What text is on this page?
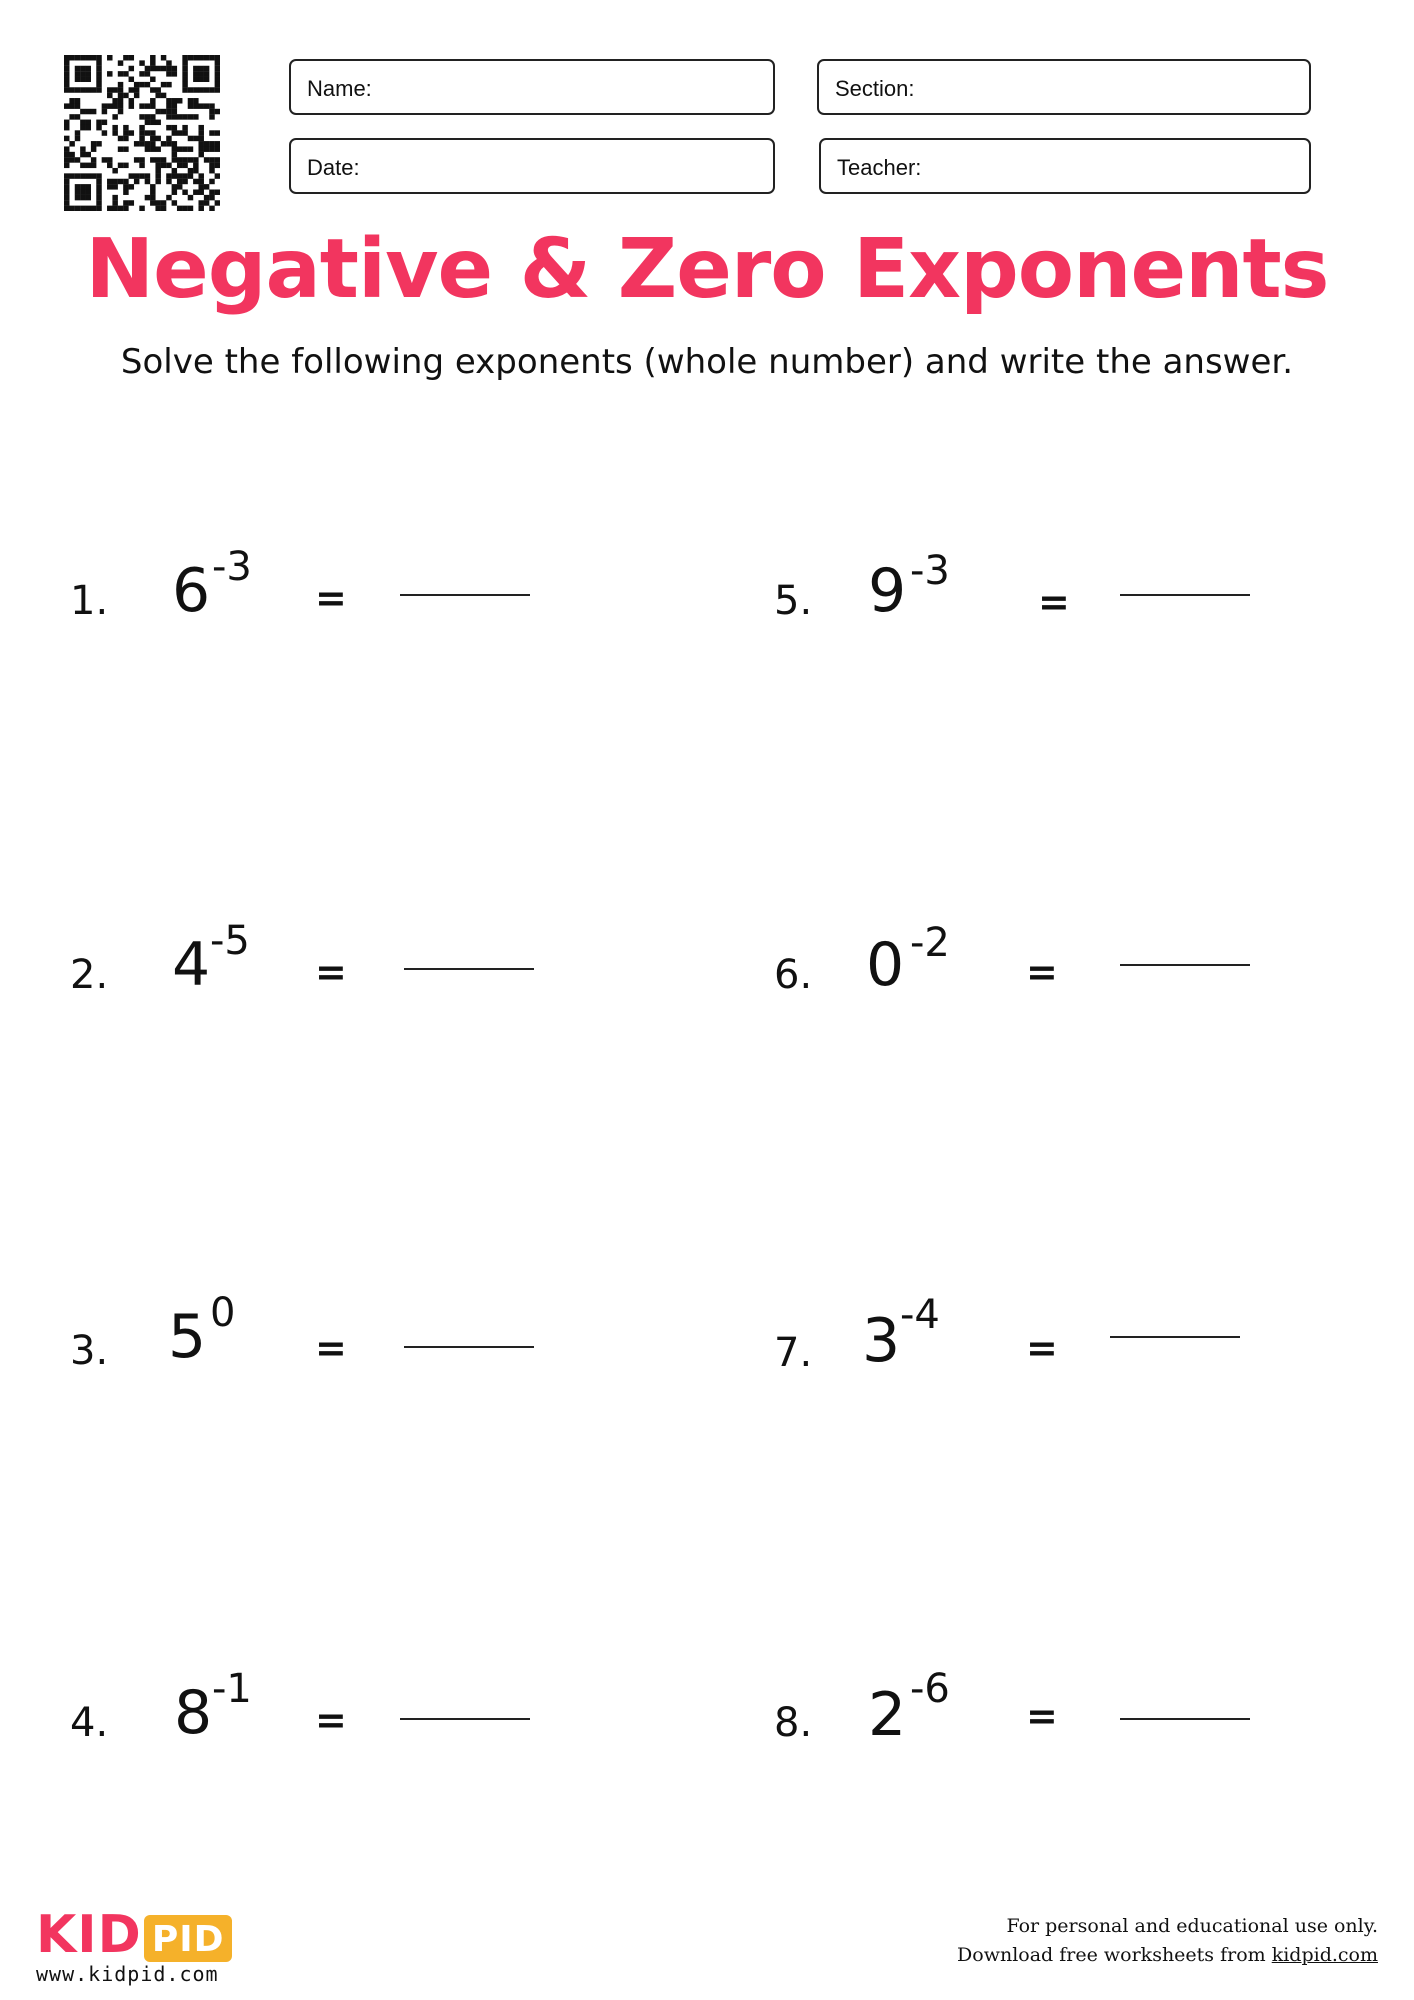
Name:	Section:
Date:	Teacher:
Negative & Zero Exponents
Solve the following exponents (whole number) and write the answer.
1. 6 -3
=
2. 4 -5
=
3. 5 0
=
4. 8 -1
=
5. 9 -3
=
6. 0 -2
=
7. 3 -4
=
8. 2 -6
=
KID PID
www.kidpid.com
For personal and educational use only.
Download free worksheets from kidpid.com
